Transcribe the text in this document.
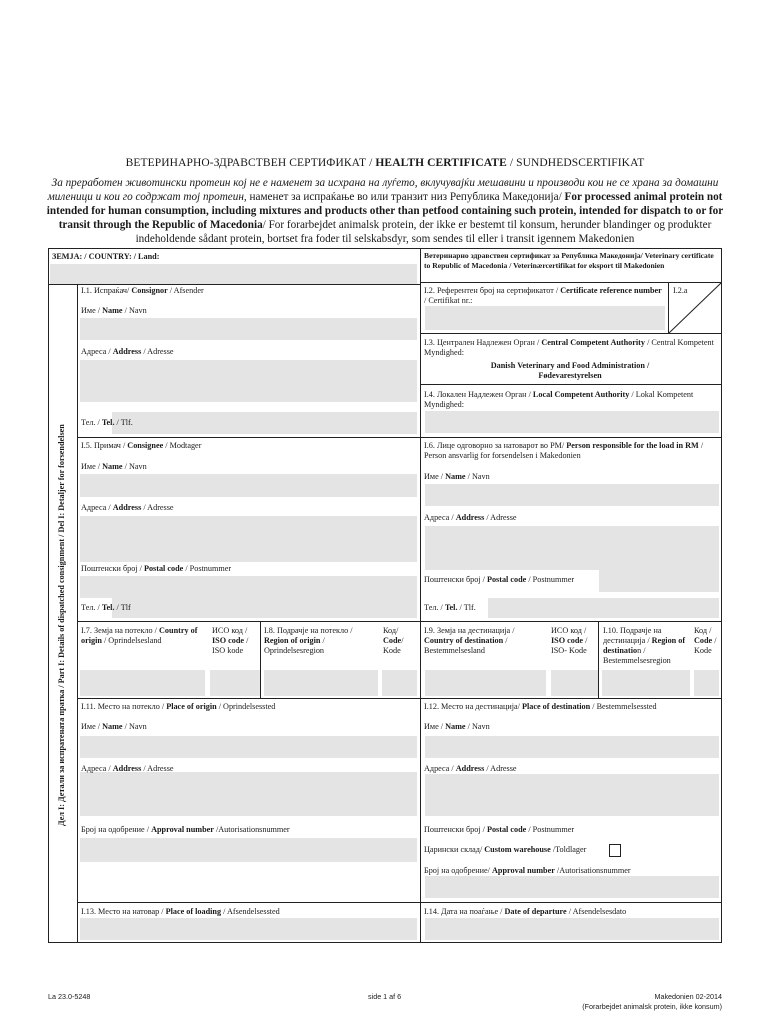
ВЕТЕРИНАРНО-ЗДРАВСТВЕН СЕРТИФИКАТ / HEALTH CERTIFICATE / SUNDHEDSCERTIFIKAT
За преработен животински протеин кој не е наменет за исхрана на луѓето, вклучувајќи мешавини и производи кои не се храна за домашни миленици и кои го содржат тој протеин, наменет за испраќање во или транзит низ Република Македонија/ For processed animal protein not intended for human consumption, including mixtures and products other than petfood containing such protein, intended for dispatch to or for transit through the Republic of Macedonia/ For forarbejdet animalsk protein, der ikke er bestemt til konsum, herunder blandinger og produkter indeholdende sådant protein, bortset fra foder til selskabsdyr, som sendes til eller i transit igennem Makedonien
ЗЕМЈА: / COUNTRY: / Land:	Ветеринарно здравствен сертификат за Република Македонија/ Veterinary certificate to Republic of Macedonia / Veterinærcertifikat for eksport til Makedonien
Дел I: Детали за испратената пратка / Part I: Details of dispatched consignment / Del I: Detaljer for forsendelsen
I.1. Испраќач/ Consignor / Afsender
Име / Name / Navn
Адреса / Address / Adresse
Тел. / Tel. / Tlf.
I.2. Референтен број на сертификатот / Certificate reference number / Certifikat nr.:
I.2.a
I.3. Централен Надлежен Орган / Central Competent Authority / Central Kompetent Myndighed:
Danish Veterinary and Food Administration / Fødevarestyrelsen
I.4. Локален Надлежен Орган / Local Competent Authority / Lokal Kompetent Myndighed:
I.5. Примач / Consignee / Modtager
Име / Name / Navn
Адреса / Address / Adresse
Поштенски број / Postal code / Postnummer
Тел. / Tel. / Tlf
I.6. Лице одговорно за натоварот во РМ/ Person responsible for the load in RM / Person ansvarlig for forsendelsen i Makedonien
Име / Name / Navn
Адреса / Address / Adresse
Поштенски број / Postal code / Postnummer
Тел. / Tel. / Tlf.
I.7. Земја на потекло / Country of origin / Oprindelsesland
ИСО код / ISO code / ISO kode
I.8. Подрачје на потекло / Region of origin / Oprindelsesregion
Код/ Code/ Kode
I.9. Земја на дестинација / Country of destination / Bestemmelsesland
ИСО код / ISO code / ISO- Kode
I.10. Подрачје на дестинација / Region of destination / Bestemmelsesregion
Код / Code / Kode
I.11. Место на потекло / Place of origin / Oprindelsessted
Име / Name / Navn
Адреса / Address / Adresse
Број на одобрение / Approval number /Autorisationsnummer
I.12. Место на дестинација/ Place of destination / Bestemmelsessted
Име / Name / Navn
Адреса / Address / Adresse
Поштенски број / Postal code / Postnummer
Царински склад/ Custom warehouse /Toldlager
Број на одобрение/ Approval number /Autorisationsnummer
I.13. Место на натовар / Place of loading / Afsendelsessted	I.14. Дата на поаѓање / Date of departure / Afsendelsesdato
La 23.0-5248	side 1 af 6	Makedonien 02-2014
(Forarbejdet animalsk protein, ikke konsum)
